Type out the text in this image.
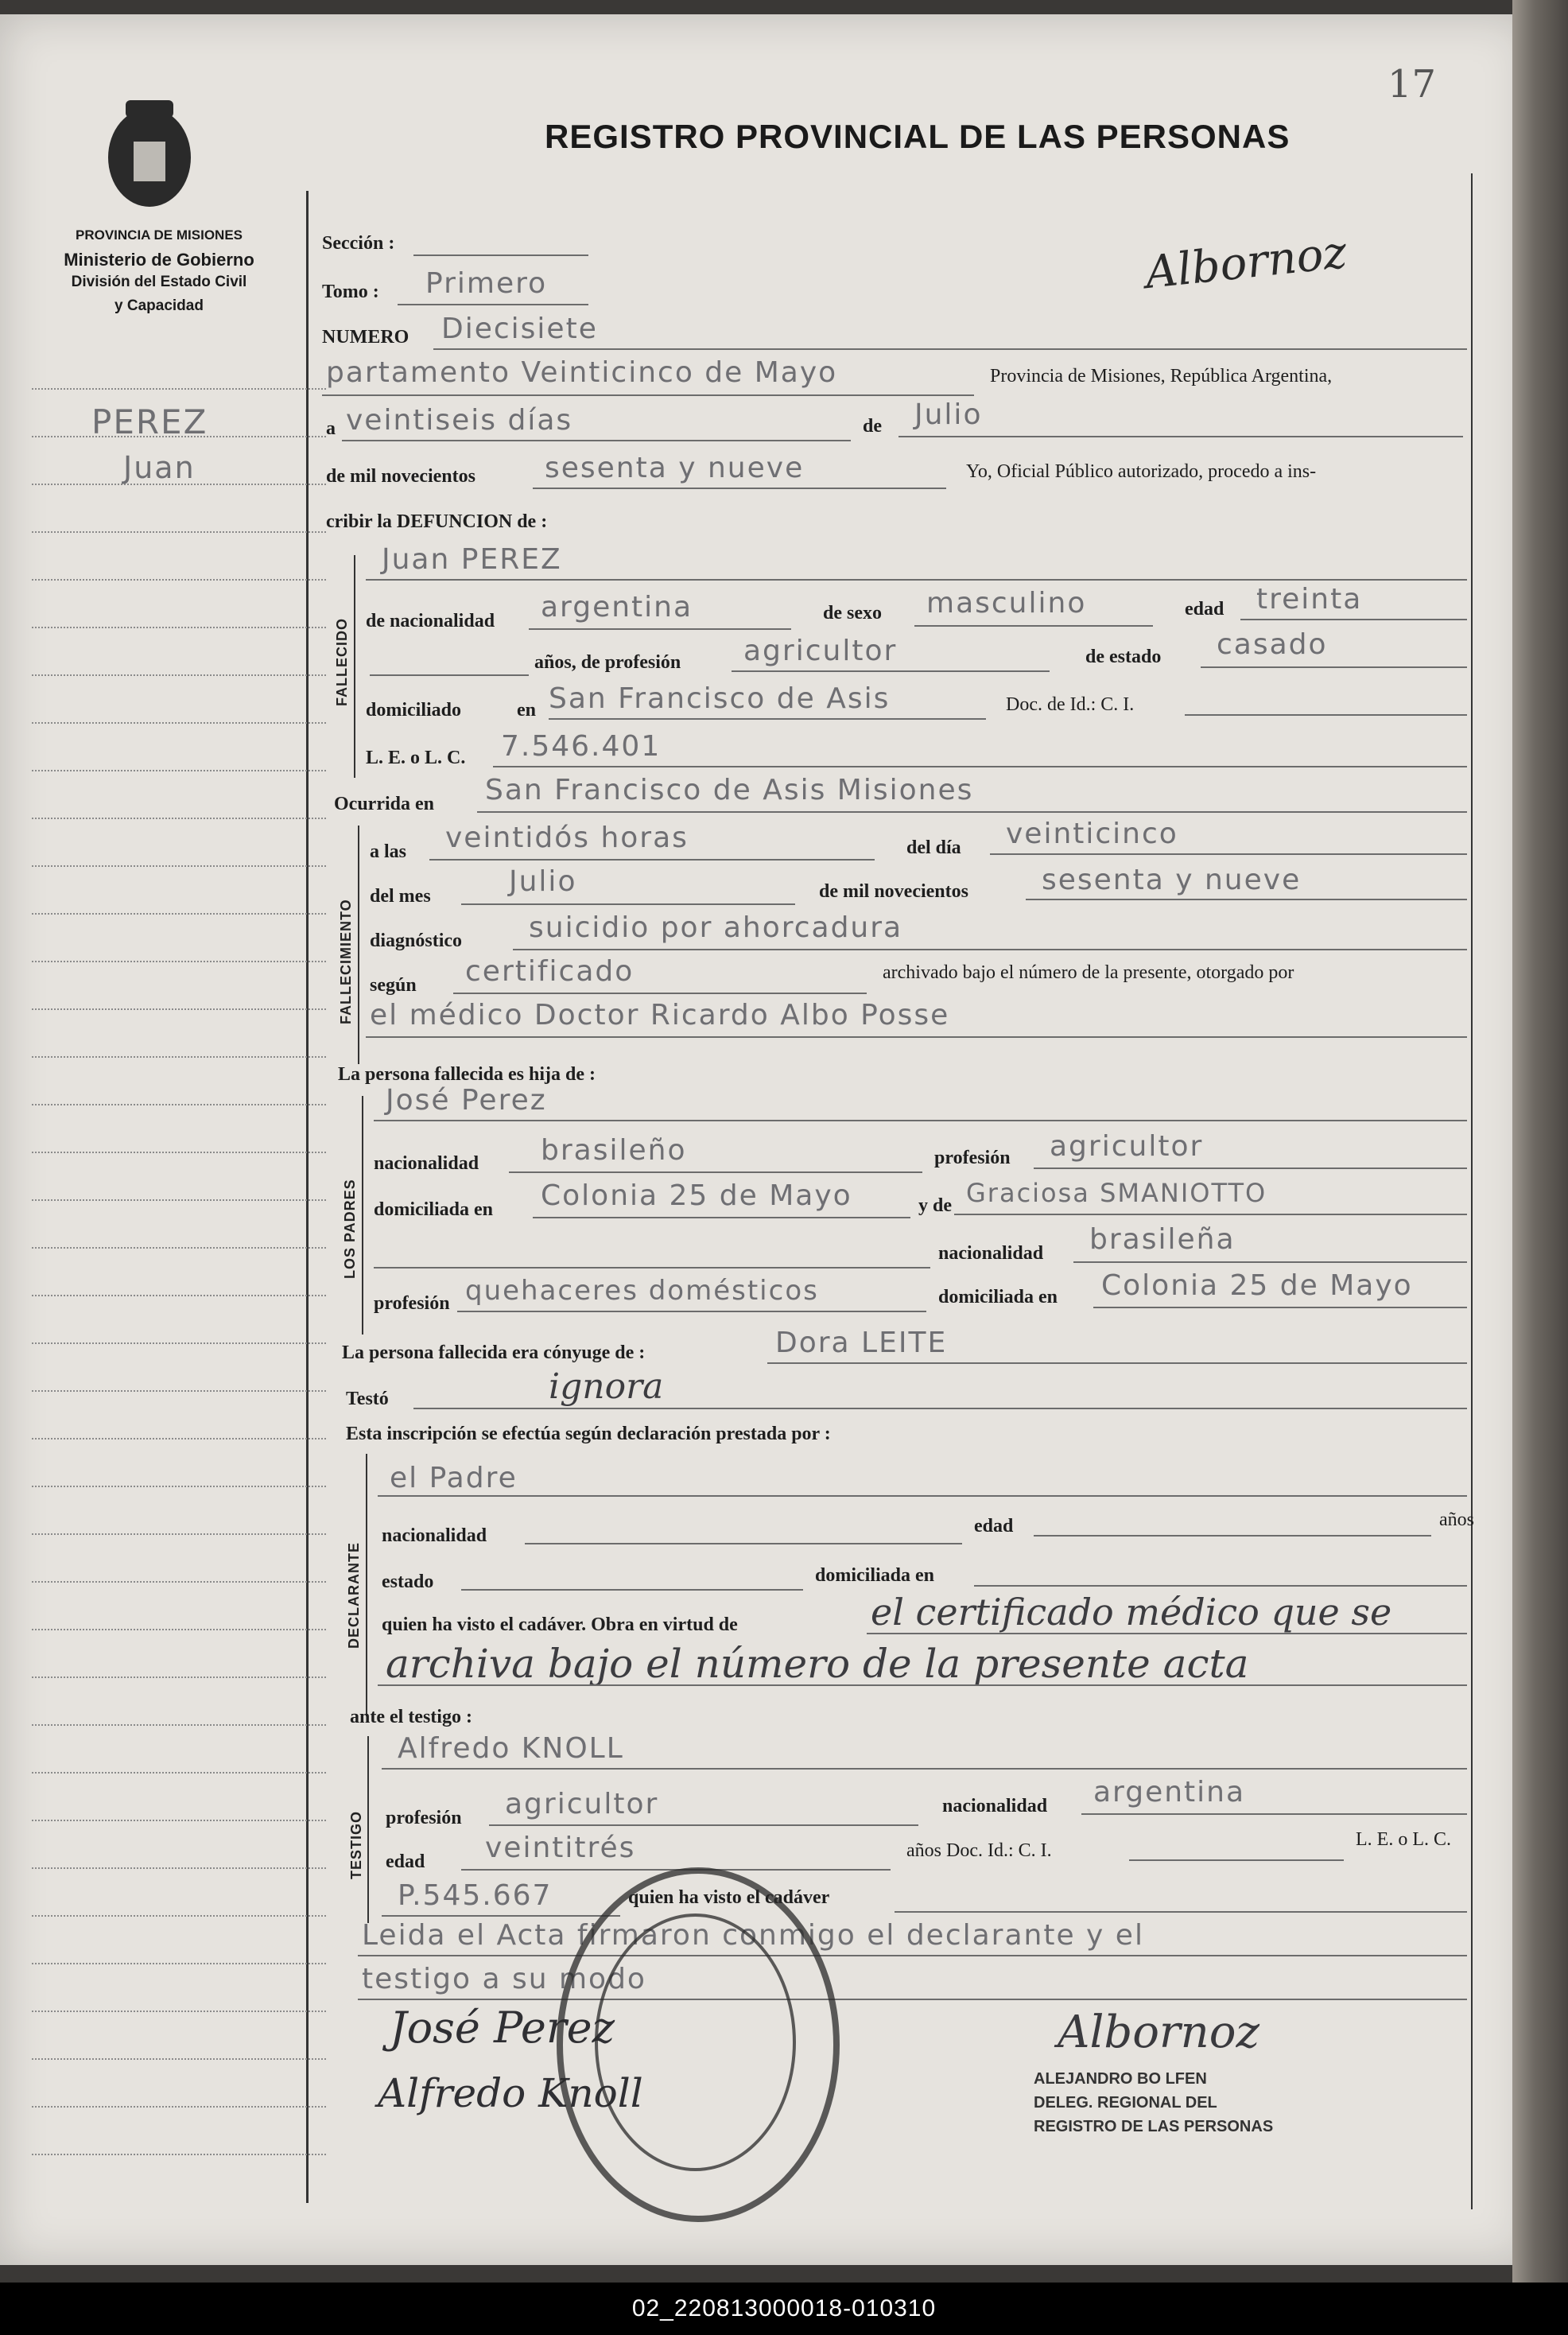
17
PROVINCIA DE MISIONES
Ministerio de Gobierno
División del Estado Civil
y Capacidad
REGISTRO PROVINCIAL DE LAS PERSONAS
PEREZ
Juan
Albornoz
Sección :
Tomo : Primero
NUMERO Diecisiete
partamento Veinticinco de Mayo	Provincia de Misiones, República Argentina,
a veintiseis días	de Julio
de mil novecientos sesenta y nueve	Yo, Oficial Público autorizado, procedo a ins-
cribir la DEFUNCION de :
FALLECIDO
Juan PEREZ
de nacionalidad argentina	de sexo masculino	edad treinta
años, de profesión agricultor	de estado casado
domiciliado	en San Francisco de Asis	Doc. de Id.: C. I.
L. E. o L. C. 7.546.401
Ocurrida en San Francisco de Asis Misiones
FALLECIMIENTO
a las veintidós horas	del día veinticinco
del mes	Julio	de mil novecientos	sesenta y nueve
diagnóstico suicidio por ahorcadura
según certificado	archivado bajo el número de la presente, otorgado por
el médico Doctor Ricardo Albo Posse
La persona fallecida es hija de :
LOS PADRES
José Perez
nacionalidad brasileño	profesión agricultor
domiciliada en Colonia 25 de Mayo	y de Graciosa SMANIOTTO
nacionalidad brasileña
profesión quehaceres domésticos	domiciliada en Colonia 25 de Mayo
La persona fallecida era cónyuge de :	Dora LEITE
Testó	ignora
Esta inscripción se efectúa según declaración prestada por :
DECLARANTE
el Padre
nacionalidad	edad	años
estado	domiciliada en
quien ha visto el cadáver. Obra en virtud de	el certificado médico que se
archiva bajo el número de la presente acta
ante el testigo :
TESTIGO
Alfredo KNOLL
profesión agricultor	nacionalidad argentina
edad veintitrés	años Doc. Id.: C. I.
L. E. o L. C.
P.545.667	quien ha visto el cadáver
Leida el Acta firmaron conmigo el declarante y el
testigo a su modo
José Perez
Alfredo Knoll
Albornoz
ALEJANDRO BO LFEN
DELEG. REGIONAL DEL
REGISTRO DE LAS PERSONAS
02_220813000018-010310
